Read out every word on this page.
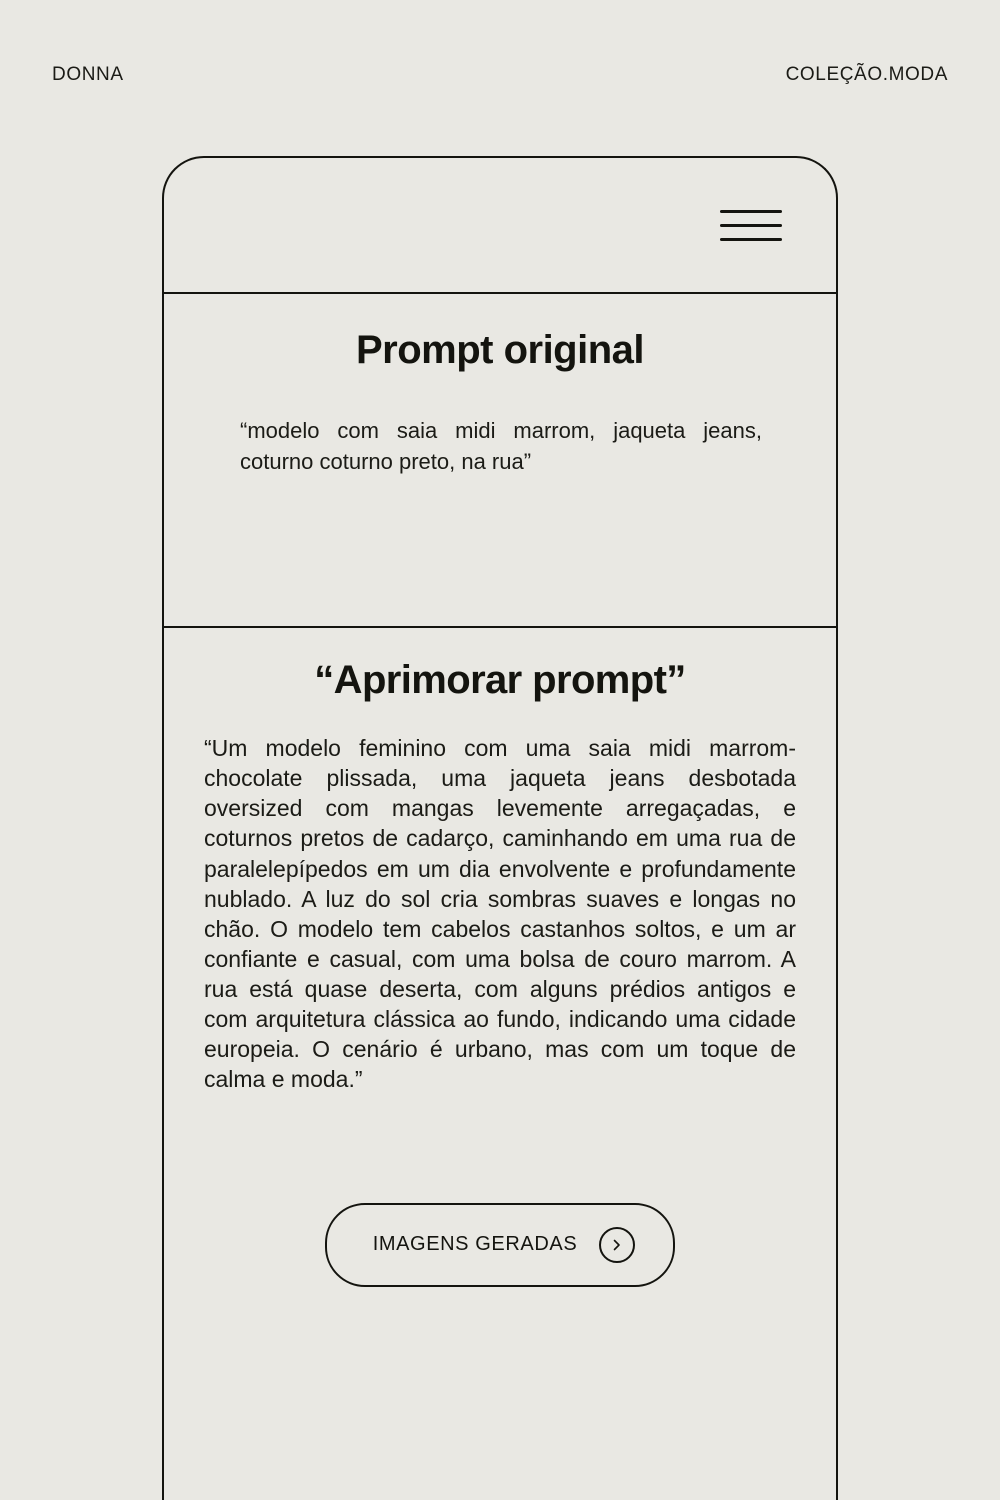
DONNA	COLEÇÃO.MODA
Prompt original

“modelo com saia midi marrom, jaqueta jeans, coturno coturno preto, na rua”

“Aprimorar prompt”

“Um modelo feminino com uma saia midi marrom-chocolate plissada, uma jaqueta jeans desbotada oversized com mangas levemente arregaçadas, e coturnos pretos de cadarço, caminhando em uma rua de paralelepípedos em um dia envolvente e profundamente nublado. A luz do sol cria sombras suaves e longas no chão. O modelo tem cabelos castanhos soltos, e um ar confiante e casual, com uma bolsa de couro marrom. A rua está quase deserta, com alguns prédios antigos e com arquitetura clássica ao fundo, indicando uma cidade europeia. O cenário é urbano, mas com um toque de calma e moda.”

IMAGENS GERADAS
